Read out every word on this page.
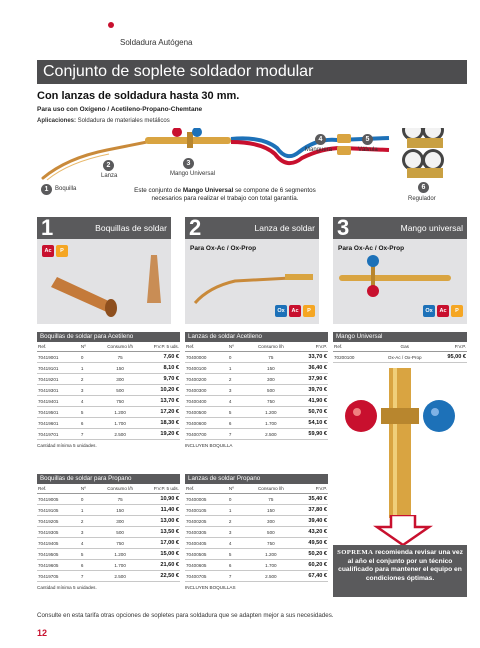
Soldadura Autógena
Conjunto de soplete soldador modular
Con lanzas de soldadura hasta 30 mm.
Para uso con Oxígeno / Acetileno-Propano-Chemtane
Aplicaciones: Soldadura de materiales metálicos
1	Boquilla
2
Lanza
3
Mango Universal
4
Manguera
5
Válvula
6
Regulador
Este conjunto de Mango Universal se compone de 6 segmentos necesarios para realizar el trabajo con total garantía.
1	Boquillas de soldar
Ac	P
2	Lanza de soldar
Para Ox-Ac / Ox-Prop
Ox	Ac	P
3	Mango universal
Para Ox-Ac / Ox-Prop
Ox	Ac	P
Boquillas de soldar para Acetileno
Ref.	Nº	Consumo l/h	P.V.P. 5 uds.
70419001	0	75	7,60 €
70419101	1	150	8,10 €
70419201	2	300	9,70 €
70419301	3	500	10,20 €
70419401	4	750	13,70 €
70419501	5	1.200	17,20 €
70419601	6	1.700	18,30 €
70419701	7	2.500	19,20 €
Cantidad mínima 5 unidades.
Lanzas de soldar Acetileno
Ref.	Nº	Consumo l/h	P.V.P.
70400000	0	75	33,70 €
70400100	1	150	36,40 €
70400200	2	300	37,90 €
70400300	3	500	39,70 €
70400400	4	750	41,90 €
70400500	5	1.200	50,70 €
70400600	6	1.700	54,10 €
70400700	7	2.500	59,90 €
INCLUYEN BOQUILLA
Mango Universal
Ref.	Gas	P.V.P.
70200100	Ox-Ac / Ox-Prop	95,00 €
Boquillas de soldar para Propano
Ref.	Nº	Consumo l/h	P.V.P. 5 uds.
70419005	0	75	10,90 €
70419105	1	150	11,40 €
70419205	2	300	13,00 €
70419305	3	500	13,50 €
70419405	4	750	17,00 €
70419505	5	1.200	15,00 €
70419605	6	1.700	21,60 €
70419705	7	2.500	22,50 €
Cantidad mínima 5 unidades.
Lanzas de soldar Propano
Ref.	Nº	Consumo l/h	P.V.P.
70400005	0	75	35,40 €
70400105	1	150	37,80 €
70400205	2	300	39,40 €
70400305	3	500	43,20 €
70400405	4	750	49,50 €
70400505	5	1.200	50,20 €
70400605	6	1.700	60,20 €
70400705	7	2.500	67,40 €
INCLUYEN BOQUILLAS
SOPREMA recomienda revisar una vez al año el conjunto por un técnico cualificado para mantener el equipo en condiciones óptimas.
Consulte en esta tarifa otras opciones de sopletes para soldadura que se adapten mejor a sus necesidades.
12
